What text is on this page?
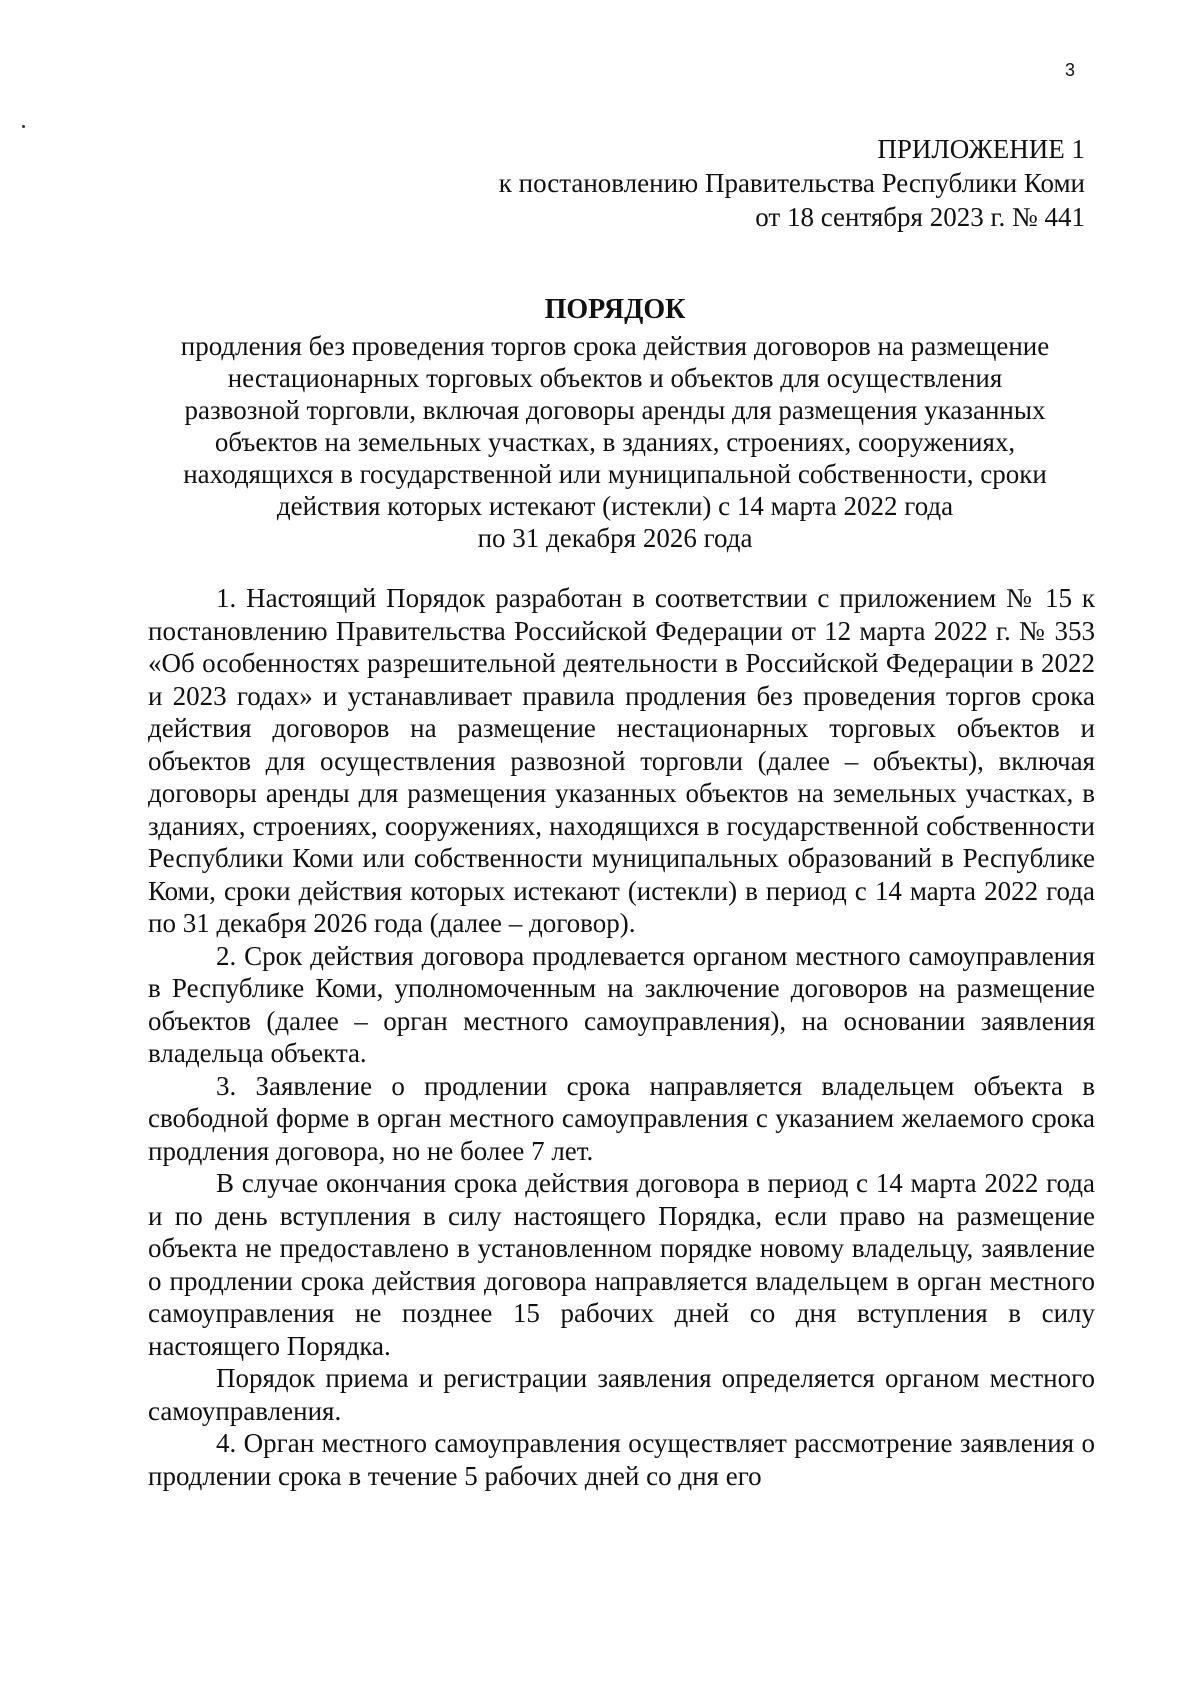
3
ПРИЛОЖЕНИЕ 1
к постановлению Правительства Республики Коми
от 18 сентября 2023 г. № 441
ПОРЯДОК
продления без проведения торгов срока действия договоров на размещение
нестационарных торговых объектов и объектов для осуществления
развозной торговли, включая договоры аренды для размещения указанных
объектов на земельных участках, в зданиях, строениях, сооружениях,
находящихся в государственной или муниципальной собственности, сроки
действия которых истекают (истекли) с 14 марта 2022 года
по 31 декабря 2026 года

1. Настоящий Порядок разработан в соответствии с приложением № 15 к постановлению Правительства Российской Федерации от 12 марта 2022 г. № 353 «Об особенностях разрешительной деятельности в Российской Федерации в 2022 и 2023 годах» и устанавливает правила продления без проведения торгов срока действия договоров на размещение нестационарных торговых объектов и объектов для осуществления развозной торговли (далее – объекты), включая договоры аренды для размещения указанных объектов на земельных участках, в зданиях, строениях, сооружениях, находящихся в государственной собственности Республики Коми или собственности муниципальных образований в Республике Коми, сроки действия которых истекают (истекли) в период с 14 марта 2022 года по 31 декабря 2026 года (далее – договор).

2. Срок действия договора продлевается органом местного самоуправления в Республике Коми, уполномоченным на заключение договоров на размещение объектов (далее – орган местного самоуправления), на основании заявления владельца объекта.

3. Заявление о продлении срока направляется владельцем объекта в свободной форме в орган местного самоуправления с указанием желаемого срока продления договора, но не более 7 лет.

В случае окончания срока действия договора в период с 14 марта 2022 года и по день вступления в силу настоящего Порядка, если право на размещение объекта не предоставлено в установленном порядке новому владельцу, заявление о продлении срока действия договора направляется владельцем в орган местного самоуправления не позднее 15 рабочих дней со дня вступления в силу настоящего Порядка.

Порядок приема и регистрации заявления определяется органом местного самоуправления.

4. Орган местного самоуправления осуществляет рассмотрение заявления о продлении срока в течение 5 рабочих дней со дня его
